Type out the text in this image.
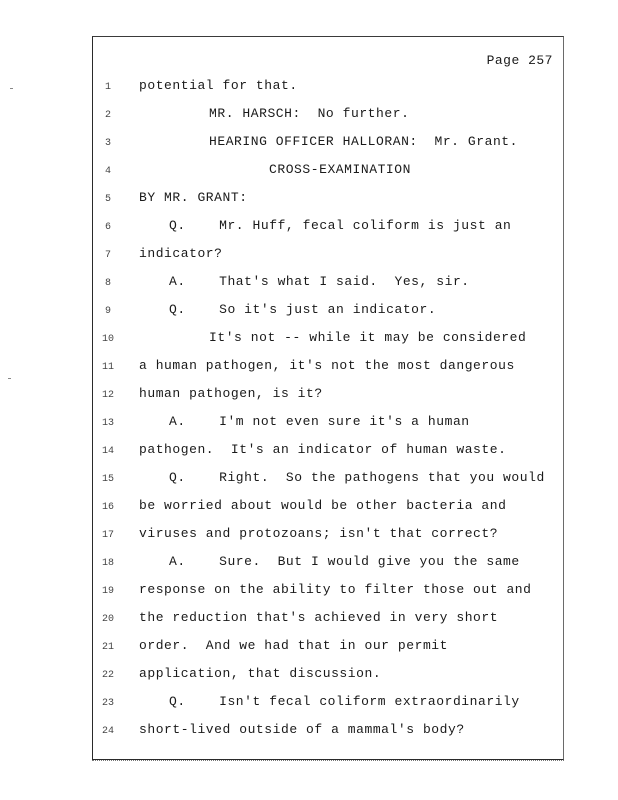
Page 257
1	potential for that.
2	MR. HARSCH:  No further.
3	HEARING OFFICER HALLORAN:  Mr. Grant.
4	CROSS-EXAMINATION
5	BY MR. GRANT:
6	Q.    Mr. Huff, fecal coliform is just an
7	indicator?
8	A.    That's what I said.  Yes, sir.
9	Q.    So it's just an indicator.
10	It's not -- while it may be considered
11	a human pathogen, it's not the most dangerous
12	human pathogen, is it?
13	A.    I'm not even sure it's a human
14	pathogen.  It's an indicator of human waste.
15	Q.    Right.  So the pathogens that you would
16	be worried about would be other bacteria and
17	viruses and protozoans; isn't that correct?
18	A.    Sure.  But I would give you the same
19	response on the ability to filter those out and
20	the reduction that's achieved in very short
21	order.  And we had that in our permit
22	application, that discussion.
23	Q.    Isn't fecal coliform extraordinarily
24	short-lived outside of a mammal's body?
